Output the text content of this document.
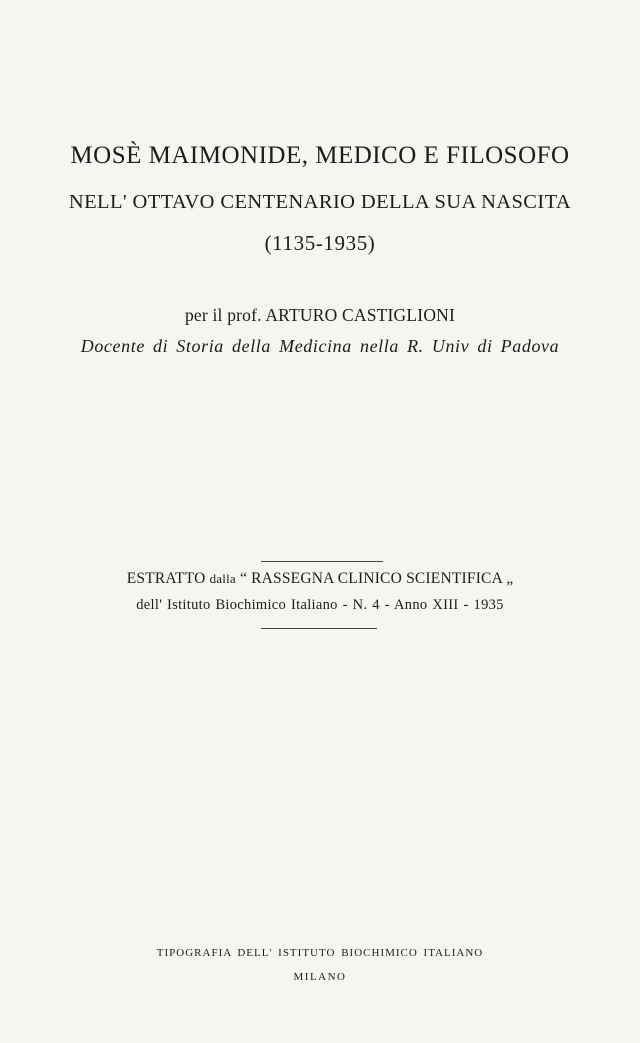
MOSÈ MAIMONIDE, MEDICO E FILOSOFO
NELL' OTTAVO CENTENARIO DELLA SUA NASCITA
(1135-1935)
per il prof. ARTURO CASTIGLIONI
Docente di Storia della Medicina nella R. Univ di Padova
ESTRATTO dalla “ RASSEGNA CLINICO SCIENTIFICA „
dell' Istituto Biochimico Italiano - N. 4 - Anno XIII - 1935
TIPOGRAFIA DELL' ISTITUTO BIOCHIMICO ITALIANO
MILANO
